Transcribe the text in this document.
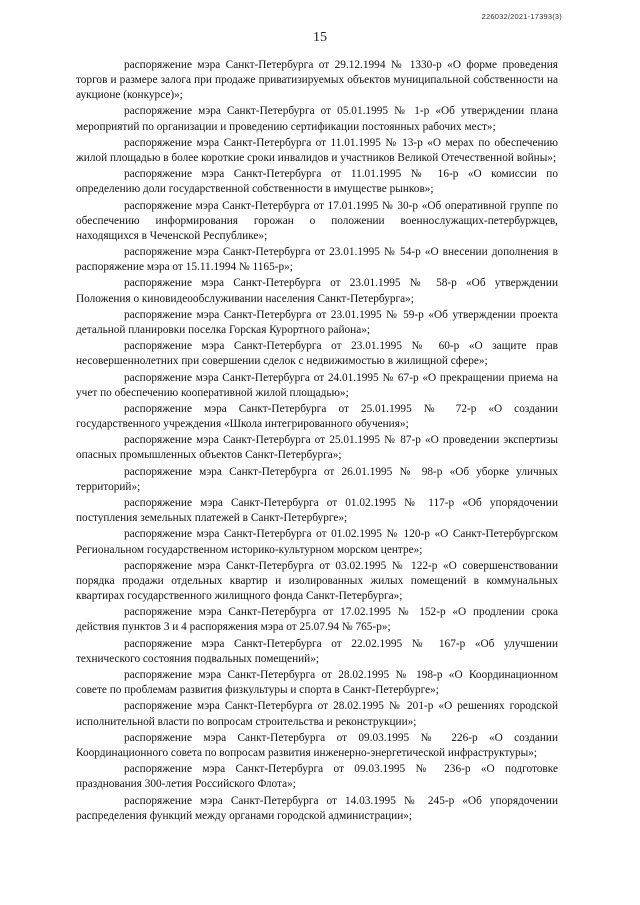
226032/2021-17393(3)
15

распоряжение мэра Санкт-Петербурга от 29.12.1994 № 1330-р «О форме проведения торгов и размере залога при продаже приватизируемых объектов муниципальной собственности на аукционе (конкурсе)»;

распоряжение мэра Санкт-Петербурга от 05.01.1995 № 1-р «Об утверждении плана мероприятий по организации и проведению сертификации постоянных рабочих мест»;

распоряжение мэра Санкт-Петербурга от 11.01.1995 № 13-р «О мерах по обеспечению жилой площадью в более короткие сроки инвалидов и участников Великой Отечественной войны»;

распоряжение мэра Санкт-Петербурга от 11.01.1995 № 16-р «О комиссии по определению доли государственной собственности в имуществе рынков»;

распоряжение мэра Санкт-Петербурга от 17.01.1995 № 30-р «Об оперативной группе по обеспечению информирования горожан о положении военнослужащих-петербуржцев, находящихся в Чеченской Республике»;

распоряжение мэра Санкт-Петербурга от 23.01.1995 № 54-р «О внесении дополнения в распоряжение мэра от 15.11.1994 № 1165-р»;

распоряжение мэра Санкт-Петербурга от 23.01.1995 № 58-р «Об утверждении Положения о киновидеообслуживании населения Санкт-Петербурга»;

распоряжение мэра Санкт-Петербурга от 23.01.1995 № 59-р «Об утверждении проекта детальной планировки поселка Горская Курортного района»;

распоряжение мэра Санкт-Петербурга от 23.01.1995 № 60-р «О защите прав несовершеннолетних при совершении сделок с недвижимостью в жилищной сфере»;

распоряжение мэра Санкт-Петербурга от 24.01.1995 № 67-р «О прекращении приема на учет по обеспечению кооперативной жилой площадью»;

распоряжение мэра Санкт-Петербурга от 25.01.1995 № 72-р «О создании государственного учреждения «Школа интегрированного обучения»;

распоряжение мэра Санкт-Петербурга от 25.01.1995 № 87-р «О проведении экспертизы опасных промышленных объектов Санкт-Петербурга»;

распоряжение мэра Санкт-Петербурга от 26.01.1995 № 98-р «Об уборке уличных территорий»;

распоряжение мэра Санкт-Петербурга от 01.02.1995 № 117-р «Об упорядочении поступления земельных платежей в Санкт-Петербурге»;

распоряжение мэра Санкт-Петербурга от 01.02.1995 № 120-р «О Санкт-Петербургском Региональном государственном историко-культурном морском центре»;

распоряжение мэра Санкт-Петербурга от 03.02.1995 № 122-р «О совершенствовании порядка продажи отдельных квартир и изолированных жилых помещений в коммунальных квартирах государственного жилищного фонда Санкт-Петербурга»;

распоряжение мэра Санкт-Петербурга от 17.02.1995 № 152-р «О продлении срока действия пунктов 3 и 4 распоряжения мэра от 25.07.94 № 765-р»;

распоряжение мэра Санкт-Петербурга от 22.02.1995 № 167-р «Об улучшении технического состояния подвальных помещений»;

распоряжение мэра Санкт-Петербурга от 28.02.1995 № 198-р «О Координационном совете по проблемам развития физкультуры и спорта в Санкт-Петербурге»;

распоряжение мэра Санкт-Петербурга от 28.02.1995 № 201-р «О решениях городской исполнительной власти по вопросам строительства и реконструкции»;

распоряжение мэра Санкт-Петербурга от 09.03.1995 № 226-р «О создании Координационного совета по вопросам развития инженерно-энергетической инфраструктуры»;

распоряжение мэра Санкт-Петербурга от 09.03.1995 № 236-р «О подготовке празднования 300-летия Российского Флота»;

распоряжение мэра Санкт-Петербурга от 14.03.1995 № 245-р «Об упорядочении распределения функций между органами городской администрации»;
